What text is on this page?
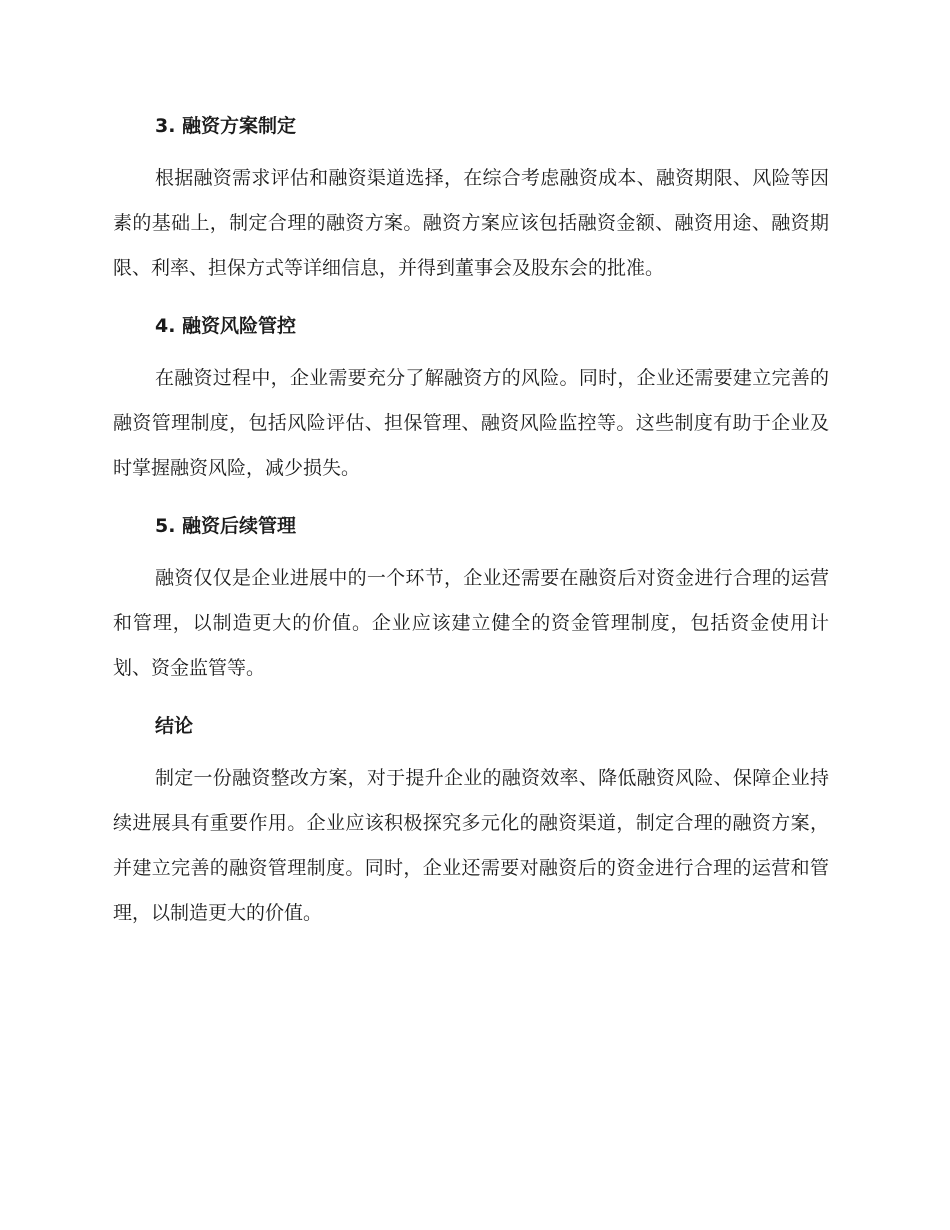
3. 融资方案制定

根据融资需求评估和融资渠道选择，在综合考虑融资成本、融资期限、风险等因素的基础上，制定合理的融资方案。融资方案应该包括融资金额、融资用途、融资期限、利率、担保方式等详细信息，并得到董事会及股东会的批准。

4. 融资风险管控

在融资过程中，企业需要充分了解融资方的风险。同时，企业还需要建立完善的融资管理制度，包括风险评估、担保管理、融资风险监控等。这些制度有助于企业及时掌握融资风险，减少损失。

5. 融资后续管理

融资仅仅是企业进展中的一个环节，企业还需要在融资后对资金进行合理的运营和管理，以制造更大的价值。企业应该建立健全的资金管理制度，包括资金使用计划、资金监管等。

结论

制定一份融资整改方案，对于提升企业的融资效率、降低融资风险、保障企业持续进展具有重要作用。企业应该积极探究多元化的融资渠道，制定合理的融资方案，并建立完善的融资管理制度。同时，企业还需要对融资后的资金进行合理的运营和管理，以制造更大的价值。
